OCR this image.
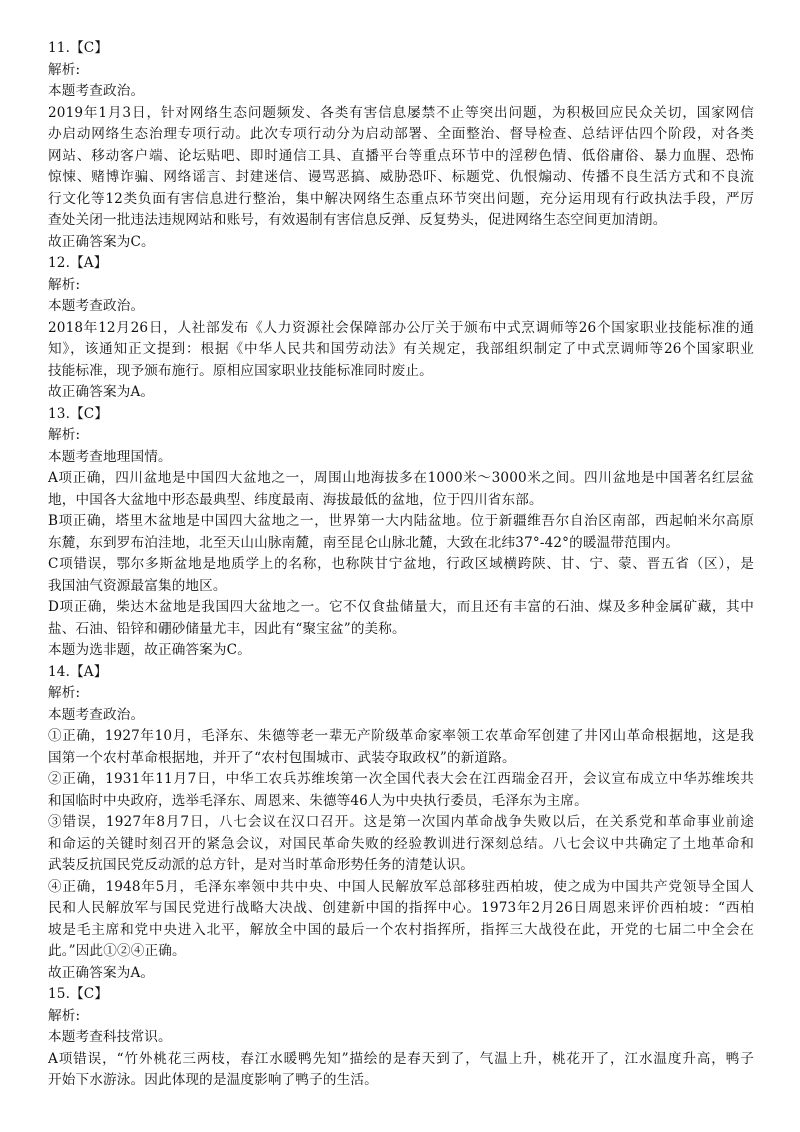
11.【C】
解析:
本题考查政治。
2019年1月3日，针对网络生态问题频发、各类有害信息屡禁不止等突出问题，为积极回应民众关切，国家网信
办启动网络生态治理专项行动。此次专项行动分为启动部署、全面整治、督导检查、总结评估四个阶段，对各类
网站、移动客户端、论坛贴吧、即时通信工具、直播平台等重点环节中的淫秽色情、低俗庸俗、暴力血腥、恐怖
惊悚、赌博诈骗、网络谣言、封建迷信、谩骂恶搞、威胁恐吓、标题党、仇恨煽动、传播不良生活方式和不良流
行文化等12类负面有害信息进行整治，集中解决网络生态重点环节突出问题，充分运用现有行政执法手段，严厉
查处关闭一批违法违规网站和账号，有效遏制有害信息反弹、反复势头，促进网络生态空间更加清朗。
故正确答案为C。
12.【A】
解析:
本题考查政治。
2018年12月26日，人社部发布《人力资源社会保障部办公厅关于颁布中式烹调师等26个国家职业技能标准的通
知》，该通知正文提到：根据《中华人民共和国劳动法》有关规定，我部组织制定了中式烹调师等26个国家职业
技能标准，现予颁布施行。原相应国家职业技能标准同时废止。
故正确答案为A。
13.【C】
解析:
本题考查地理国情。
A项正确，四川盆地是中国四大盆地之一，周围山地海拔多在1000米～3000米之间。四川盆地是中国著名红层盆
地，中国各大盆地中形态最典型、纬度最南、海拔最低的盆地，位于四川省东部。
B项正确，塔里木盆地是中国四大盆地之一，世界第一大内陆盆地。位于新疆维吾尔自治区南部，西起帕米尔高原
东麓，东到罗布泊洼地，北至天山山脉南麓，南至昆仑山脉北麓，大致在北纬37°-42°的暖温带范围内。
C项错误，鄂尔多斯盆地是地质学上的名称，也称陕甘宁盆地，行政区域横跨陕、甘、宁、蒙、晋五省（区），是
我国油气资源最富集的地区。
D项正确，柴达木盆地是我国四大盆地之一。它不仅食盐储量大，而且还有丰富的石油、煤及多种金属矿藏，其中
盐、石油、铅锌和硼砂储量尤丰，因此有“聚宝盆”的美称。
本题为选非题，故正确答案为C。
14.【A】
解析:
本题考查政治。
①正确，1927年10月，毛泽东、朱德等老一辈无产阶级革命家率领工农革命军创建了井冈山革命根据地，这是我
国第一个农村革命根据地，并开了“农村包围城市、武装夺取政权”的新道路。
②正确，1931年11月7日，中华工农兵苏维埃第一次全国代表大会在江西瑞金召开，会议宣布成立中华苏维埃共
和国临时中央政府，选举毛泽东、周恩来、朱德等46人为中央执行委员，毛泽东为主席。
③错误，1927年8月7日，八七会议在汉口召开。这是第一次国内革命战争失败以后，在关系党和革命事业前途
和命运的关键时刻召开的紧急会议，对国民革命失败的经验教训进行深刻总结。八七会议中共确定了土地革命和
武装反抗国民党反动派的总方针，是对当时革命形势任务的清楚认识。
④正确，1948年5月，毛泽东率领中共中央、中国人民解放军总部移驻西柏坡，使之成为中国共产党领导全国人
民和人民解放军与国民党进行战略大决战、创建新中国的指挥中心。1973年2月26日周恩来评价西柏坡：“西柏
坡是毛主席和党中央进入北平，解放全中国的最后一个农村指挥所，指挥三大战役在此，开党的七届二中全会在
此。”因此①②④正确。
故正确答案为A。
15.【C】
解析:
本题考查科技常识。
A项错误，“竹外桃花三两枝，春江水暖鸭先知”描绘的是春天到了，气温上升，桃花开了，江水温度升高，鸭子
开始下水游泳。因此体现的是温度影响了鸭子的生活。
